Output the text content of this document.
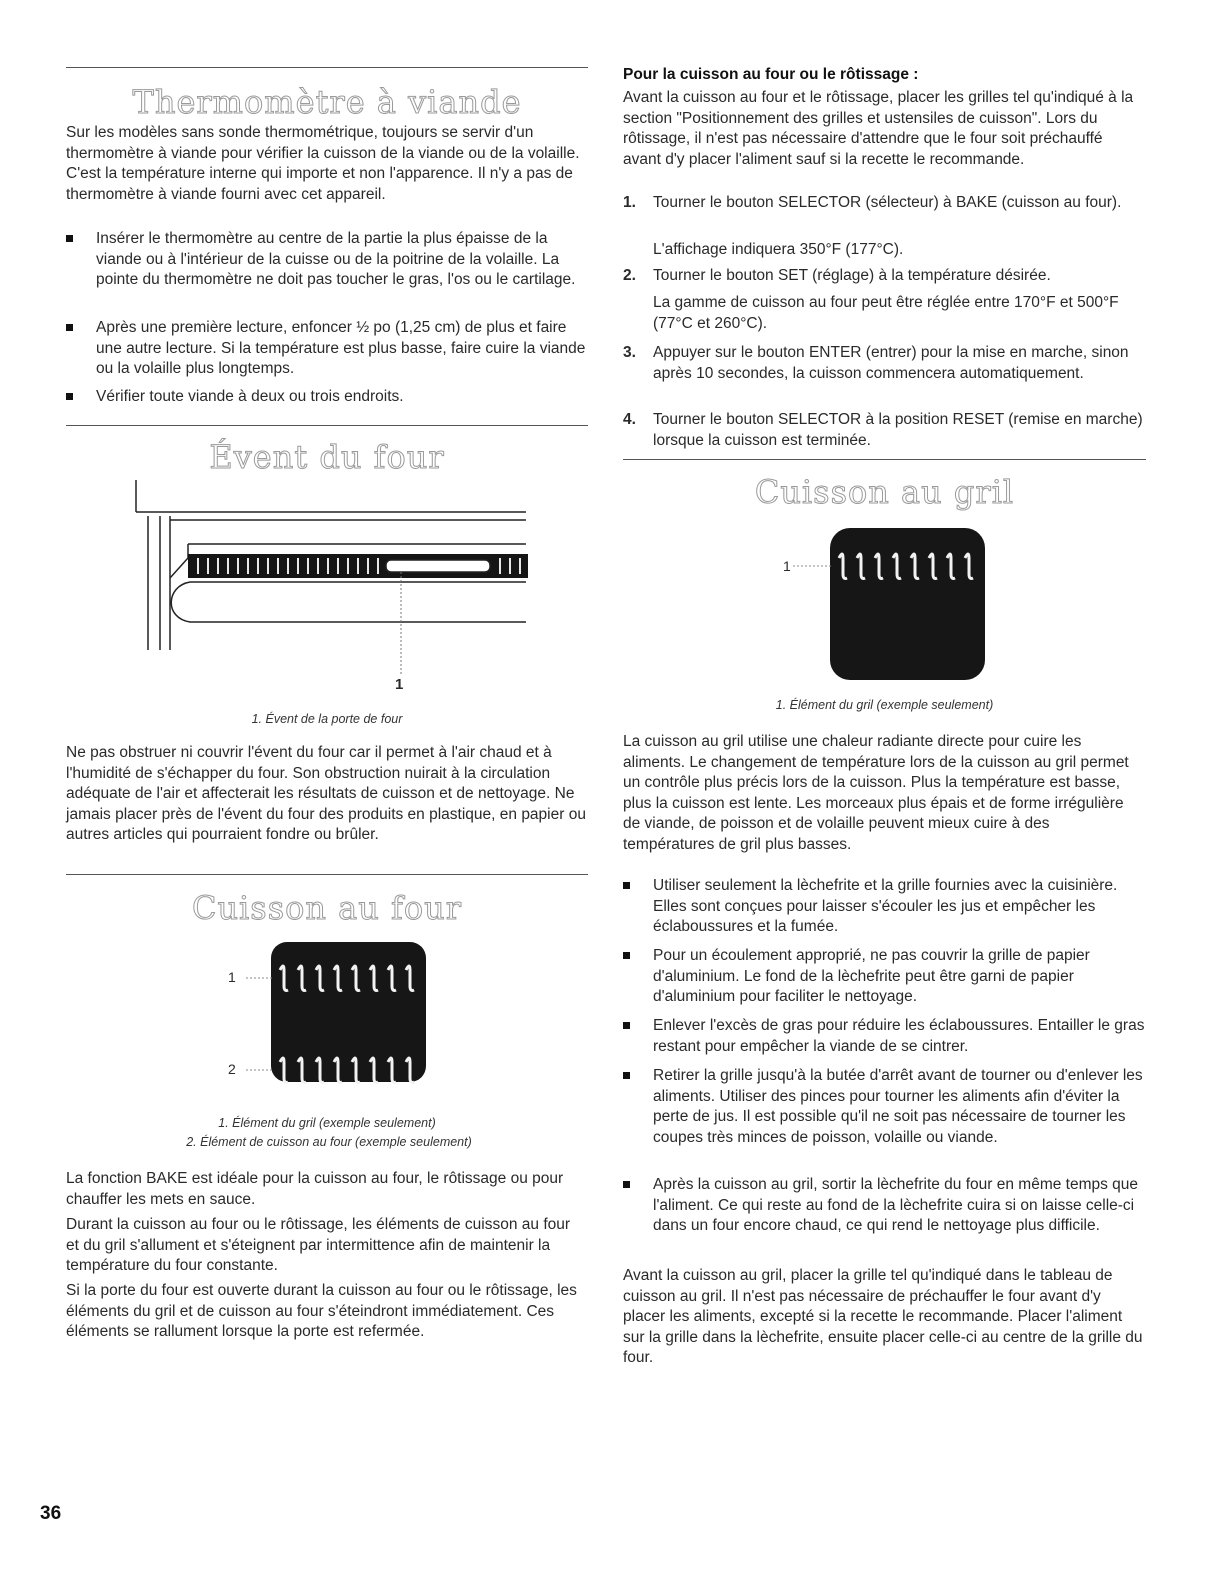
Thermomètre à viande

Sur les modèles sans sonde thermométrique, toujours se servir d'un thermomètre à viande pour vérifier la cuisson de la viande ou de la volaille. C'est la température interne qui importe et non l'apparence. Il n'y a pas de thermomètre à viande fourni avec cet appareil.

Insérer le thermomètre au centre de la partie la plus épaisse de la viande ou à l'intérieur de la cuisse ou de la poitrine de la volaille. La pointe du thermomètre ne doit pas toucher le gras, l'os ou le cartilage.
Après une première lecture, enfoncer ½ po (1,25 cm) de plus et faire une autre lecture. Si la température est plus basse, faire cuire la viande ou la volaille plus longtemps.
Vérifier toute viande à deux ou trois endroits.
Évent du four
1
1. Évent de la porte de four

Ne pas obstruer ni couvrir l'évent du four car il permet à l'air chaud et à l'humidité de s'échapper du four. Son obstruction nuirait à la circulation adéquate de l'air et affecterait les résultats de cuisson et de nettoyage. Ne jamais placer près de l'évent du four des produits en plastique, en papier ou autres articles qui pourraient fondre ou brûler.

Cuisson au four
1
2
1. Élément du gril (exemple seulement)
2. Élément de cuisson au four (exemple seulement)

La fonction BAKE est idéale pour la cuisson au four, le rôtissage ou pour chauffer les mets en sauce.

Durant la cuisson au four ou le rôtissage, les éléments de cuisson au four et du gril s'allument et s'éteignent par intermittence afin de maintenir la température du four constante.

Si la porte du four est ouverte durant la cuisson au four ou le rôtissage, les éléments du gril et de cuisson au four s'éteindront immédiatement. Ces éléments se rallument lorsque la porte est refermée.

Pour la cuisson au four ou le rôtissage :

Avant la cuisson au four et le rôtissage, placer les grilles tel qu'indiqué à la section "Positionnement des grilles et ustensiles de cuisson". Lors du rôtissage, il n'est pas nécessaire d'attendre que le four soit préchauffé avant d'y placer l'aliment sauf si la recette le recommande.

1. Tourner le bouton SELECTOR (sélecteur) à BAKE (cuisson au four).
L'affichage indiquera 350°F (177°C).
2. Tourner le bouton SET (réglage) à la température désirée.
La gamme de cuisson au four peut être réglée entre 170°F et 500°F (77°C et 260°C).
3. Appuyer sur le bouton ENTER (entrer) pour la mise en marche, sinon après 10 secondes, la cuisson commencera automatiquement.
4. Tourner le bouton SELECTOR à la position RESET (remise en marche) lorsque la cuisson est terminée.
Cuisson au gril
1
1. Élément du gril (exemple seulement)

La cuisson au gril utilise une chaleur radiante directe pour cuire les aliments. Le changement de température lors de la cuisson au gril permet un contrôle plus précis lors de la cuisson. Plus la température est basse, plus la cuisson est lente. Les morceaux plus épais et de forme irrégulière de viande, de poisson et de volaille peuvent mieux cuire à des températures de gril plus basses.

Utiliser seulement la lèchefrite et la grille fournies avec la cuisinière. Elles sont conçues pour laisser s'écouler les jus et empêcher les éclaboussures et la fumée.
Pour un écoulement approprié, ne pas couvrir la grille de papier d'aluminium. Le fond de la lèchefrite peut être garni de papier d'aluminium pour faciliter le nettoyage.
Enlever l'excès de gras pour réduire les éclaboussures. Entailler le gras restant pour empêcher la viande de se cintrer.
Retirer la grille jusqu'à la butée d'arrêt avant de tourner ou d'enlever les aliments. Utiliser des pinces pour tourner les aliments afin d'éviter la perte de jus. Il est possible qu'il ne soit pas nécessaire de tourner les coupes très minces de poisson, volaille ou viande.
Après la cuisson au gril, sortir la lèchefrite du four en même temps que l'aliment. Ce qui reste au fond de la lèchefrite cuira si on laisse celle-ci dans un four encore chaud, ce qui rend le nettoyage plus difficile.

Avant la cuisson au gril, placer la grille tel qu'indiqué dans le tableau de cuisson au gril. Il n'est pas nécessaire de préchauffer le four avant d'y placer les aliments, excepté si la recette le recommande. Placer l'aliment sur la grille dans la lèchefrite, ensuite placer celle-ci au centre de la grille du four.

36
